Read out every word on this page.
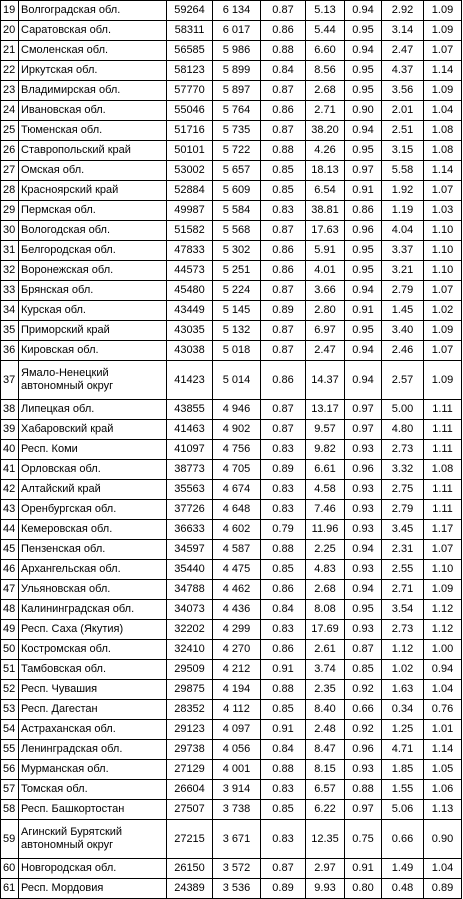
19	Волгоградская обл.	59264	6 134	0.87	5.13	0.94	2.92	1.09
20	Саратовская обл.	58311	6 017	0.86	5.44	0.95	3.14	1.09
21	Смоленская обл.	56585	5 986	0.88	6.60	0.94	2.47	1.07
22	Иркутская обл.	58123	5 899	0.84	8.56	0.95	4.37	1.14
23	Владимирская обл.	57770	5 897	0.87	2.68	0.95	3.56	1.09
24	Ивановская обл.	55046	5 764	0.86	2.71	0.90	2.01	1.04
25	Тюменская обл.	51716	5 735	0.87	38.20	0.94	2.51	1.08
26	Ставропольский край	50101	5 722	0.88	4.26	0.95	3.15	1.08
27	Омская обл.	53002	5 657	0.85	18.13	0.97	5.58	1.14
28	Красноярский край	52884	5 609	0.85	6.54	0.91	1.92	1.07
29	Пермская обл.	49987	5 584	0.83	38.81	0.86	1.19	1.03
30	Вологодская обл.	51582	5 568	0.87	17.63	0.96	4.04	1.10
31	Белгородская обл.	47833	5 302	0.86	5.91	0.95	3.37	1.10
32	Воронежская обл.	44573	5 251	0.86	4.01	0.95	3.21	1.10
33	Брянская обл.	45480	5 224	0.87	3.66	0.94	2.79	1.07
34	Курская обл.	43449	5 145	0.89	2.80	0.91	1.45	1.02
35	Приморский край	43035	5 132	0.87	6.97	0.95	3.40	1.09
36	Кировская обл.	43038	5 018	0.87	2.47	0.94	2.46	1.07
37	Ямало-Ненецкий автономный округ	41423	5 014	0.86	14.37	0.94	2.57	1.09
38	Липецкая обл.	43855	4 946	0.87	13.17	0.97	5.00	1.11
39	Хабаровский край	41463	4 902	0.87	9.57	0.97	4.80	1.11
40	Респ. Коми	41097	4 756	0.83	9.82	0.93	2.73	1.11
41	Орловская обл.	38773	4 705	0.89	6.61	0.96	3.32	1.08
42	Алтайский край	35563	4 674	0.83	4.58	0.93	2.75	1.11
43	Оренбургская обл.	37726	4 648	0.83	7.46	0.93	2.79	1.11
44	Кемеровская обл.	36633	4 602	0.79	11.96	0.93	3.45	1.17
45	Пензенская обл.	34597	4 587	0.88	2.25	0.94	2.31	1.07
46	Архангельская обл.	35440	4 475	0.85	4.83	0.93	2.55	1.10
47	Ульяновская обл.	34788	4 462	0.86	2.68	0.94	2.71	1.09
48	Калининградская обл.	34073	4 436	0.84	8.08	0.95	3.54	1.12
49	Респ. Саха (Якутия)	32202	4 299	0.83	17.69	0.93	2.73	1.12
50	Костромская обл.	32410	4 270	0.86	2.61	0.87	1.12	1.00
51	Тамбовская обл.	29509	4 212	0.91	3.74	0.85	1.02	0.94
52	Респ. Чувашия	29875	4 194	0.88	2.35	0.92	1.63	1.04
53	Респ. Дагестан	28352	4 112	0.85	8.40	0.66	0.34	0.76
54	Астраханская обл.	29123	4 097	0.91	2.48	0.92	1.25	1.01
55	Ленинградская обл.	29738	4 056	0.84	8.47	0.96	4.71	1.14
56	Мурманская обл.	27129	4 001	0.88	8.15	0.93	1.85	1.05
57	Томская обл.	26604	3 914	0.83	6.57	0.88	1.55	1.06
58	Респ. Башкортостан	27507	3 738	0.85	6.22	0.97	5.06	1.13
59	Агинский Бурятский автономный округ	27215	3 671	0.83	12.35	0.75	0.66	0.90
60	Новгородская обл.	26150	3 572	0.87	2.97	0.91	1.49	1.04
61	Респ. Мордовия	24389	3 536	0.89	9.93	0.80	0.48	0.89
